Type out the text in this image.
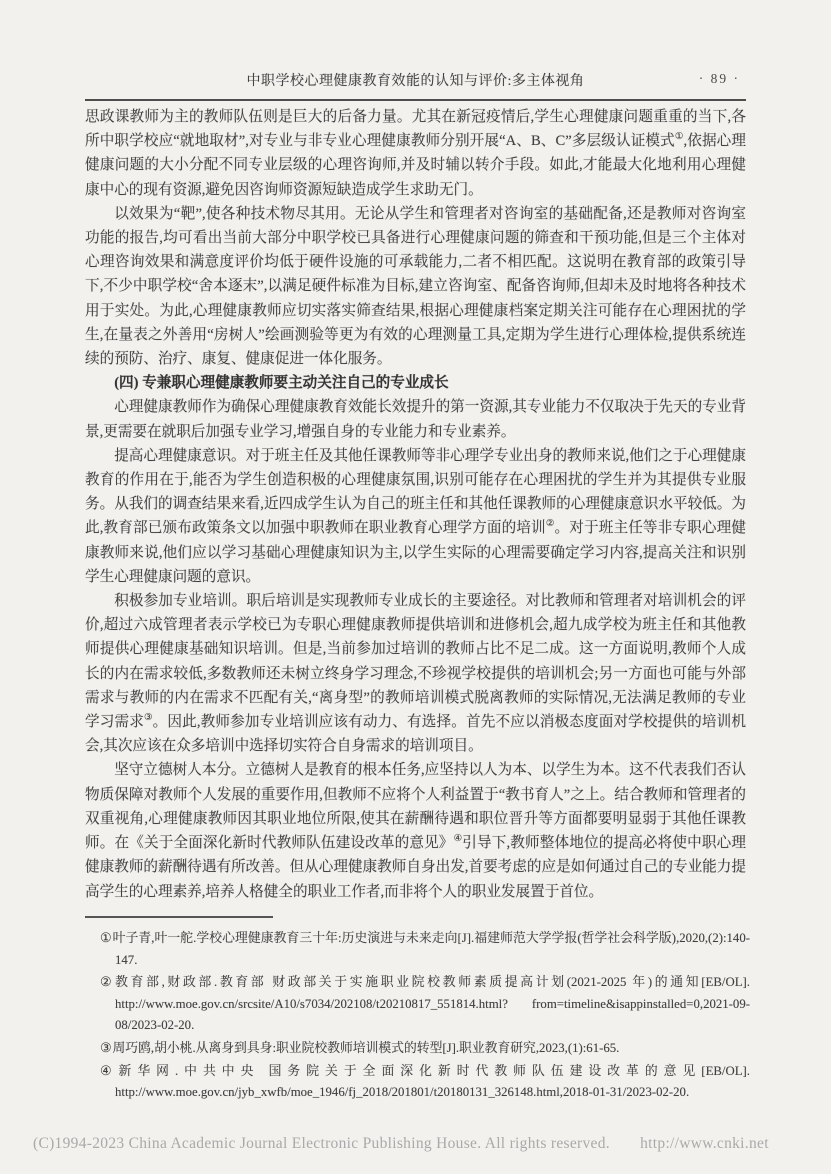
中职学校心理健康教育效能的认知与评价:多主体视角	· 89 ·

思政课教师为主的教师队伍则是巨大的后备力量。尤其在新冠疫情后,学生心理健康问题重重的当下,各所中职学校应“就地取材”,对专业与非专业心理健康教师分别开展“A、B、C”多层级认证模式①,依据心理健康问题的大小分配不同专业层级的心理咨询师,并及时辅以转介手段。如此,才能最大化地利用心理健康中心的现有资源,避免因咨询师资源短缺造成学生求助无门。

以效果为“靶”,使各种技术物尽其用。无论从学生和管理者对咨询室的基础配备,还是教师对咨询室功能的报告,均可看出当前大部分中职学校已具备进行心理健康问题的筛查和干预功能,但是三个主体对心理咨询效果和满意度评价均低于硬件设施的可承载能力,二者不相匹配。这说明在教育部的政策引导下,不少中职学校“舍本逐末”,以满足硬件标准为目标,建立咨询室、配备咨询师,但却未及时地将各种技术用于实处。为此,心理健康教师应切实落实筛查结果,根据心理健康档案定期关注可能存在心理困扰的学生,在量表之外善用“房树人”绘画测验等更为有效的心理测量工具,定期为学生进行心理体检,提供系统连续的预防、治疗、康复、健康促进一体化服务。

(四) 专兼职心理健康教师要主动关注自己的专业成长

心理健康教师作为确保心理健康教育效能长效提升的第一资源,其专业能力不仅取决于先天的专业背景,更需要在就职后加强专业学习,增强自身的专业能力和专业素养。

提高心理健康意识。对于班主任及其他任课教师等非心理学专业出身的教师来说,他们之于心理健康教育的作用在于,能否为学生创造积极的心理健康氛围,识别可能存在心理困扰的学生并为其提供专业服务。从我们的调查结果来看,近四成学生认为自己的班主任和其他任课教师的心理健康意识水平较低。为此,教育部已颁布政策条文以加强中职教师在职业教育心理学方面的培训②。对于班主任等非专职心理健康教师来说,他们应以学习基础心理健康知识为主,以学生实际的心理需要确定学习内容,提高关注和识别学生心理健康问题的意识。

积极参加专业培训。职后培训是实现教师专业成长的主要途径。对比教师和管理者对培训机会的评价,超过六成管理者表示学校已为专职心理健康教师提供培训和进修机会,超九成学校为班主任和其他教师提供心理健康基础知识培训。但是,当前参加过培训的教师占比不足二成。这一方面说明,教师个人成长的内在需求较低,多数教师还未树立终身学习理念,不珍视学校提供的培训机会;另一方面也可能与外部需求与教师的内在需求不匹配有关,“离身型”的教师培训模式脱离教师的实际情况,无法满足教师的专业学习需求③。因此,教师参加专业培训应该有动力、有选择。首先不应以消极态度面对学校提供的培训机会,其次应该在众多培训中选择切实符合自身需求的培训项目。

坚守立德树人本分。立德树人是教育的根本任务,应坚持以人为本、以学生为本。这不代表我们否认物质保障对教师个人发展的重要作用,但教师不应将个人利益置于“教书育人”之上。结合教师和管理者的双重视角,心理健康教师因其职业地位所限,使其在薪酬待遇和职位晋升等方面都要明显弱于其他任课教师。在《关于全面深化新时代教师队伍建设改革的意见》④引导下,教师整体地位的提高必将使中职心理健康教师的薪酬待遇有所改善。但从心理健康教师自身出发,首要考虑的应是如何通过自己的专业能力提高学生的心理素养,培养人格健全的职业工作者,而非将个人的职业发展置于首位。

①叶子青,叶一舵.学校心理健康教育三十年:历史演进与未来走向[J].福建师范大学学报(哲学社会科学版),2020,(2):140-147.
②教育部,财政部.教育部 财政部关于实施职业院校教师素质提高计划(2021-2025 年)的通知[EB/OL]. http://www.moe.gov.cn/srcsite/A10/s7034/202108/t20210817_551814.html? from=timeline&isappinstalled=0,2021-09-08/2023-02-20.
③周巧鸥,胡小桃.从离身到具身:职业院校教师培训模式的转型[J].职业教育研究,2023,(1):61-65.
④新华网.中共中央 国务院关于全面深化新时代教师队伍建设改革的意见[EB/OL]. http://www.moe.gov.cn/jyb_xwfb/moe_1946/fj_2018/201801/t20180131_326148.html,2018-01-31/2023-02-20.
(C)1994-2023 China Academic Journal Electronic Publishing House. All rights reserved. http://www.cnki.net
